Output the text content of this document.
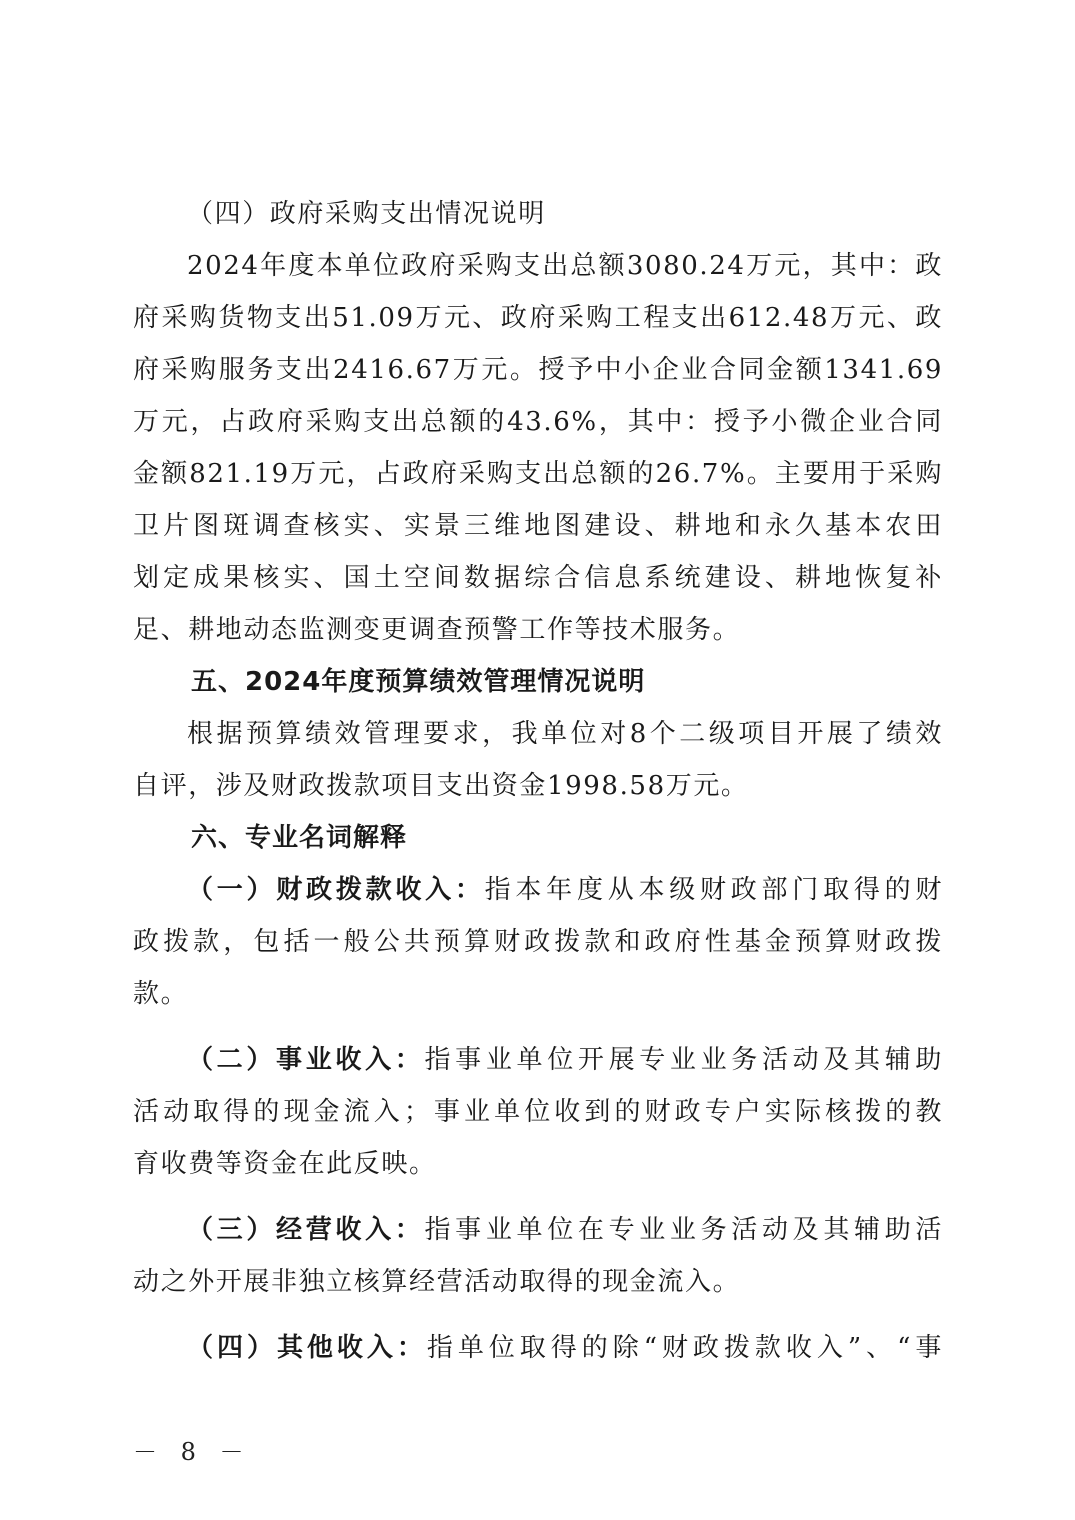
（四）政府采购支出情况说明

2024年度本单位政府采购支出总额3080.24万元，其中：政

府采购货物支出51.09万元、政府采购工程支出612.48万元、政

府采购服务支出2416.67万元。授予中小企业合同金额1341.69

万元，占政府采购支出总额的43.6%，其中：授予小微企业合同

金额821.19万元，占政府采购支出总额的26.7%。主要用于采购

卫片图斑调查核实、实景三维地图建设、耕地和永久基本农田

划定成果核实、国土空间数据综合信息系统建设、耕地恢复补

足、耕地动态监测变更调查预警工作等技术服务。

五、2024年度预算绩效管理情况说明

根据预算绩效管理要求，我单位对8个二级项目开展了绩效

自评，涉及财政拨款项目支出资金1998.58万元。

六、专业名词解释

（一）财政拨款收入：指本年度从本级财政部门取得的财

政拨款，包括一般公共预算财政拨款和政府性基金预算财政拨

款。

（二）事业收入：指事业单位开展专业业务活动及其辅助

活动取得的现金流入；事业单位收到的财政专户实际核拨的教

育收费等资金在此反映。

（三）经营收入：指事业单位在专业业务活动及其辅助活

动之外开展非独立核算经营活动取得的现金流入。

（四）其他收入：指单位取得的除“财政拨款收入”、“事

－ 8 －
